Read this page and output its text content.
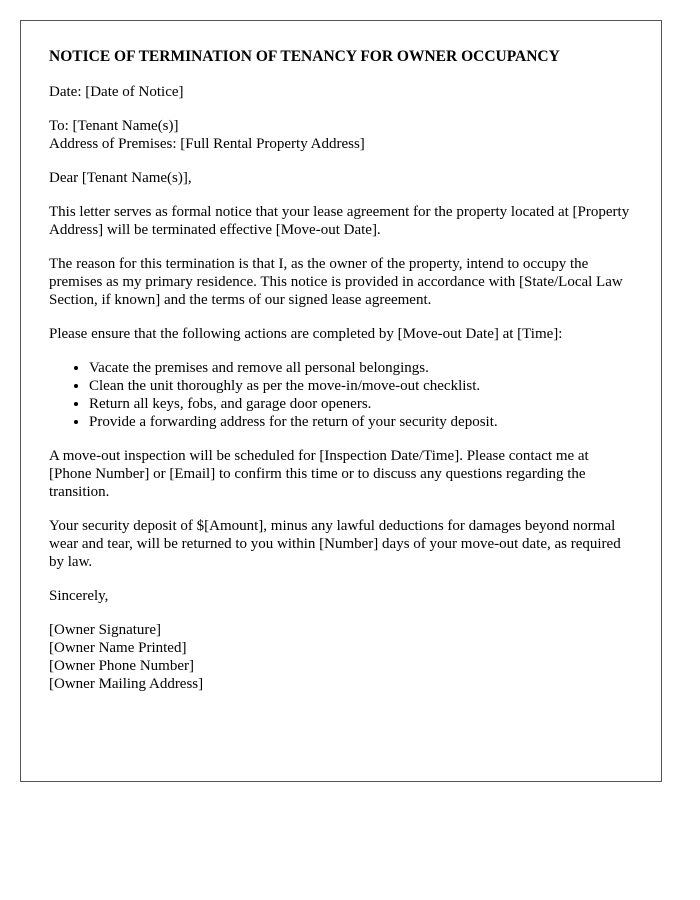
NOTICE OF TERMINATION OF TENANCY FOR OWNER OCCUPANCY

Date: [Date of Notice]

To: [Tenant Name(s)]
Address of Premises: [Full Rental Property Address]

Dear [Tenant Name(s)],

This letter serves as formal notice that your lease agreement for the property located at [Property Address] will be terminated effective [Move-out Date].

The reason for this termination is that I, as the owner of the property, intend to occupy the premises as my primary residence. This notice is provided in accordance with [State/Local Law Section, if known] and the terms of our signed lease agreement.

Please ensure that the following actions are completed by [Move-out Date] at [Time]:

• Vacate the premises and remove all personal belongings.
• Clean the unit thoroughly as per the move-in/move-out checklist.
• Return all keys, fobs, and garage door openers.
• Provide a forwarding address for the return of your security deposit.

A move-out inspection will be scheduled for [Inspection Date/Time]. Please contact me at [Phone Number] or [Email] to confirm this time or to discuss any questions regarding the transition.

Your security deposit of $[Amount], minus any lawful deductions for damages beyond normal wear and tear, will be returned to you within [Number] days of your move-out date, as required by law.

Sincerely,

[Owner Signature]
[Owner Name Printed]
[Owner Phone Number]
[Owner Mailing Address]
